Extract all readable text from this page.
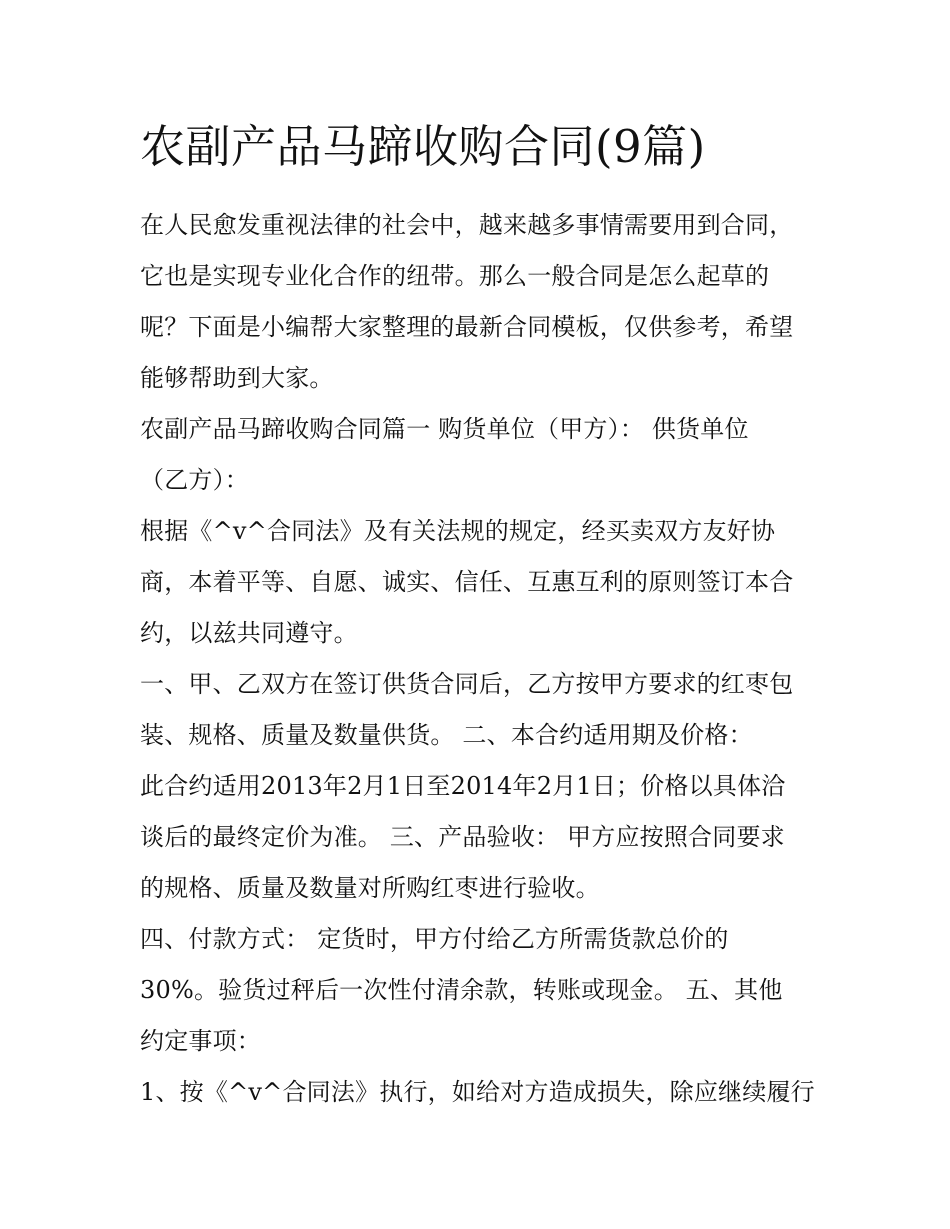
农副产品马蹄收购合同(9篇)

在人民愈发重视法律的社会中，越来越多事情需要用到合同，
它也是实现专业化合作的纽带。那么一般合同是怎么起草的
呢？下面是小编帮大家整理的最新合同模板，仅供参考，希望
能够帮助到大家。

农副产品马蹄收购合同篇一 购货单位（甲方）： 供货单位
（乙方）：

根据《^v^合同法》及有关法规的规定，经买卖双方友好协
商，本着平等、自愿、诚实、信任、互惠互利的原则签订本合
约，以兹共同遵守。

一、甲、乙双方在签订供货合同后，乙方按甲方要求的红枣包
装、规格、质量及数量供货。 二、本合约适用期及价格：

此合约适用2013年2月1日至2014年2月1日；价格以具体洽
谈后的最终定价为准。 三、产品验收： 甲方应按照合同要求
的规格、质量及数量对所购红枣进行验收。

四、付款方式： 定货时，甲方付给乙方所需货款总价的
30%。验货过秤后一次性付清余款，转账或现金。 五、其他
约定事项：

1、按《^v^合同法》执行，如给对方造成损失，除应继续履行
